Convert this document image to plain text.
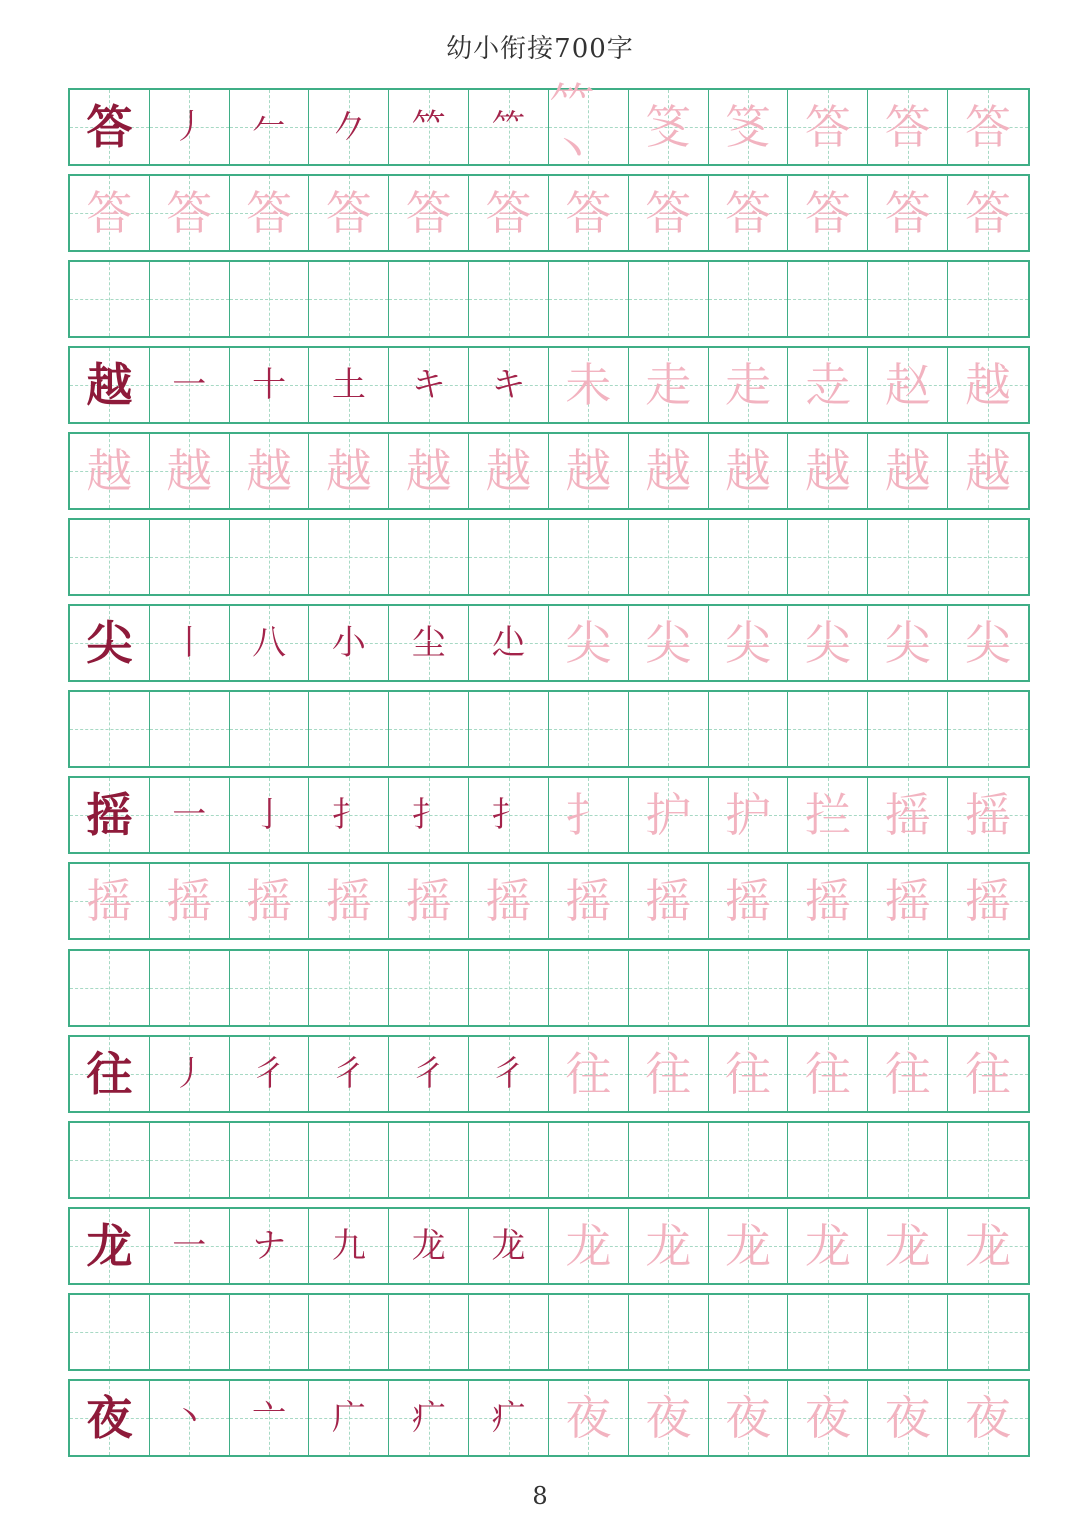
幼小衔接700字
答 丿 𠂉 𠂊 𥫗 ⺮ ⺮丶	笅 笅 答 答 答
答 答 答 答 答 答 答 答 答 答 答 答
越 一 十 土 キ キ 未 走 走 赱 赵 越
越 越 越 越 越 越 越 越 越 越 越 越
尖 丨 八 小 尘 尐 尖 尖 尖 尖 尖 尖
摇 一 亅 扌 扌 扌 扌 护 护 拦 摇 摇
摇 摇 摇 摇 摇 摇 摇 摇 摇 摇 摇 摇
往 丿 彳 彳 彳 彳 往 往 往 往 往 往
龙 一 ナ 九 龙 龙 龙 龙 龙 龙 龙 龙
夜 丶 亠 广 疒 疒 夜 夜 夜 夜 夜 夜
8
